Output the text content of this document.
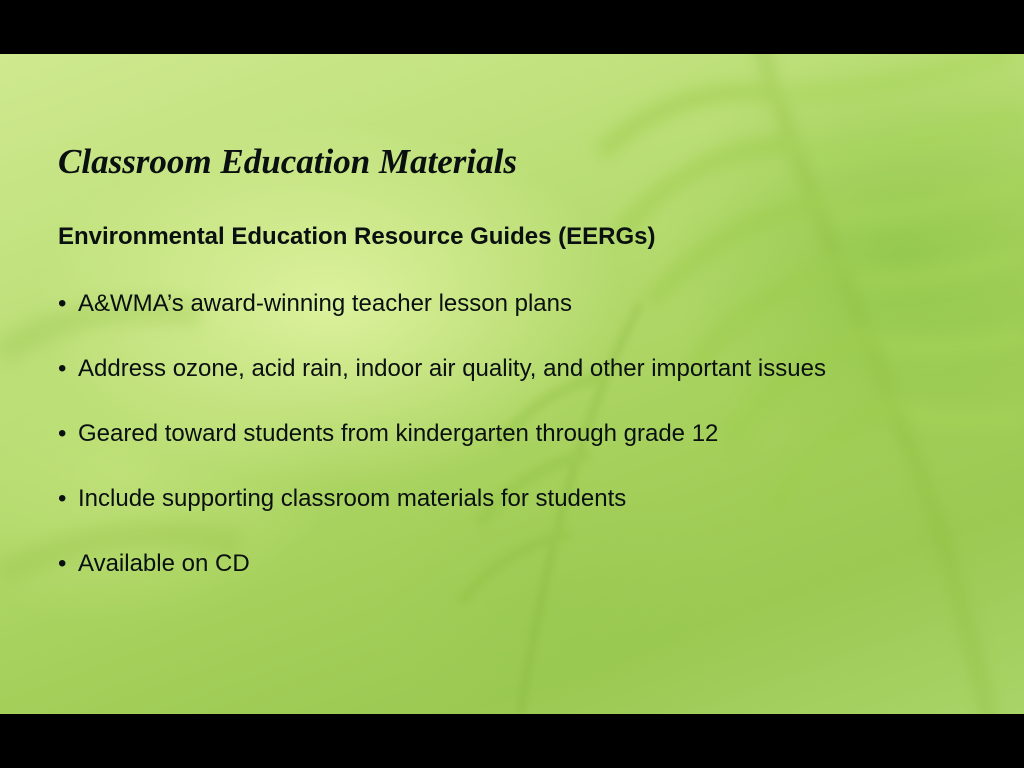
Classroom Education Materials
Environmental Education Resource Guides (EERGs)
• A&WMA’s award-winning teacher lesson plans
• Address ozone, acid rain, indoor air quality, and other important issues
• Geared toward students from kindergarten through grade 12
• Include supporting classroom materials for students
• Available on CD
